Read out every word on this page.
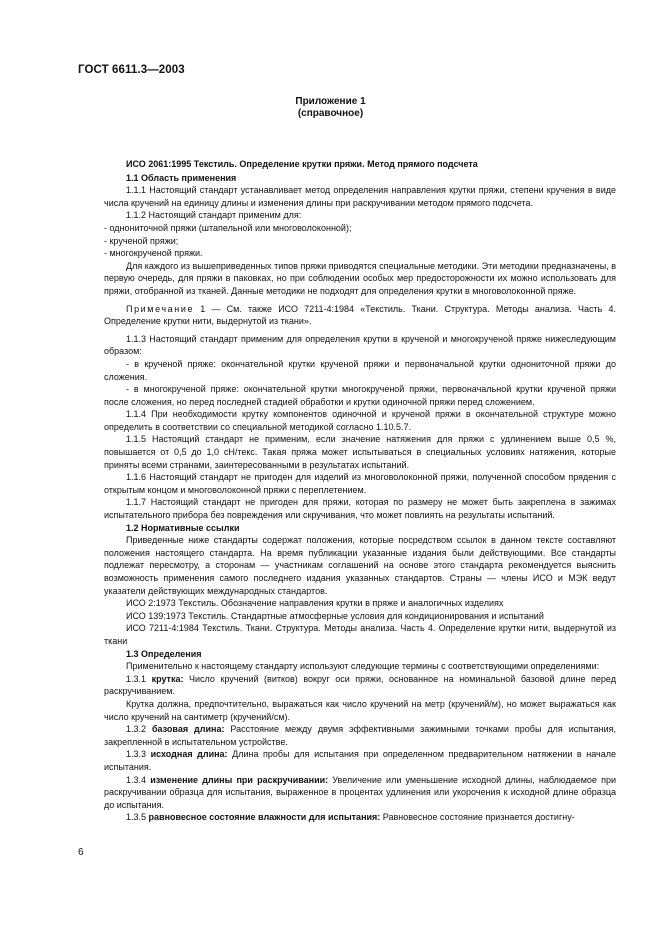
ГОСТ 6611.3—2003
Приложение 1
(справочное)

ИСО 2061:1995 Текстиль. Определение крутки пряжи. Метод прямого подсчета

1.1 Область применения

1.1.1 Настоящий стандарт устанавливает метод определения направления крутки пряжи, степени кручения в виде числа кручений на единицу длины и изменения длины при раскручивании методом прямого подсчета.

1.1.2 Настоящий стандарт применим для:

- однониточной пряжи (штапельной или многоволоконной);

- крученой пряжи;

- многокрученой пряжи.

Для каждого из вышеприведенных типов пряжи приводятся специальные методики. Эти методики предназначены, в первую очередь, для пряжи в паковках, но при соблюдении особых мер предосторожности их можно использовать для пряжи, отобранной из тканей. Данные методики не подходят для определения крутки в многоволоконной пряже.

Примечание 1 — См. также ИСО 7211-4:1984 «Текстиль. Ткани. Структура. Методы анализа. Часть 4. Определение крутки нити, выдернутой из ткани».

1.1.3 Настоящий стандарт применим для определения крутки в крученой и многокрученой пряже нижеследующим образом:

- в крученой пряже: окончательной крутки крученой пряжи и первоначальной крутки однониточной пряжи до сложения.

- в многокрученой пряже: окончательной крутки многокрученой пряжи, первоначальной крутки крученой пряжи после сложения, но перед последней стадией обработки и крутки одиночной пряжи перед сложением.

1.1.4 При необходимости крутку компонентов одиночной и крученой пряжи в окончательной структуре можно определить в соответствии со специальной методикой согласно 1.10.5.7.

1.1.5 Настоящий стандарт не применим, если значение натяжения для пряжи с удлинением выше 0,5 %, повышается от 0,5 до 1,0 сН/текс. Такая пряжа может испытываться в специальных условиях натяжения, которые приняты всеми странами, заинтересованными в результатах испытаний.

1.1.6 Настоящий стандарт не пригоден для изделий из многоволоконной пряжи, полученной способом прядения с открытым концом и многоволоконной пряжи с переплетением.

1.1.7 Настоящий стандарт не пригоден для пряжи, которая по размеру не может быть закреплена в зажимах испытательного прибора без повреждения или скручивания, что может повлиять на результаты испытаний.

1.2 Нормативные ссылки

Приведенные ниже стандарты содержат положения, которые посредством ссылок в данном тексте составляют положения настоящего стандарта. На время публикации указанные издания были действующими. Все стандарты подлежат пересмотру, а сторонам — участникам соглашений на основе этого стандарта рекомендуется выяснить возможность применения самого последнего издания указанных стандартов. Страны — члены ИСО и МЭК ведут указатели действующих международных стандартов.

ИСО 2:1973 Текстиль. Обозначение направления крутки в пряже и аналогичных изделиях

ИСО 139:1973 Текстиль. Стандартные атмосферные условия для кондиционирования и испытаний

ИСО 7211-4:1984 Текстиль. Ткани. Структура. Методы анализа. Часть 4. Определение крутки нити, выдернутой из ткани

1.3 Определения

Применительно к настоящему стандарту используют следующие термины с соответствующими определениями:

1.3.1 крутка: Число кручений (витков) вокруг оси пряжи, основанное на номинальной базовой длине перед раскручиванием.

Крутка должна, предпочтительно, выражаться как число кручений на метр (кручений/м), но может выражаться как число кручений на сантиметр (кручений/см).

1.3.2 базовая длина: Расстояние между двумя эффективными зажимными точками пробы для испытания, закрепленной в испытательном устройстве.

1.3.3 исходная длина: Длина пробы для испытания при определенном предварительном натяжении в начале испытания.

1.3.4 изменение длины при раскручивании: Увеличение или уменьшение исходной длины, наблюдаемое при раскручивании образца для испытания, выраженное в процентах удлинения или укорочения к исходной длине образца до испытания.

1.3.5 равновесное состояние влажности для испытания: Равновесное состояние признается достигну-

6
